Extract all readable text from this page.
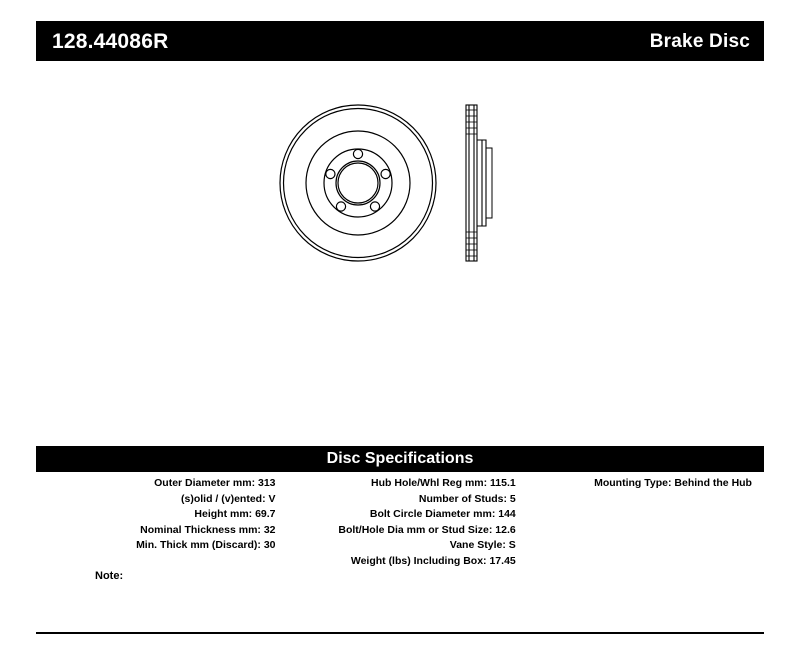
128.44086R	Brake Disc
Disc Specifications
Outer Diameter mm: 313
(s)olid / (v)ented: V
Height mm: 69.7
Nominal Thickness mm: 32
Min. Thick mm (Discard): 30
Hub Hole/Whl Reg mm: 115.1
Number of Studs: 5
Bolt Circle Diameter mm: 144
Bolt/Hole Dia mm or Stud Size: 12.6
Vane Style: S
Weight (lbs) Including Box: 17.45
Mounting Type: Behind the Hub
Note:
